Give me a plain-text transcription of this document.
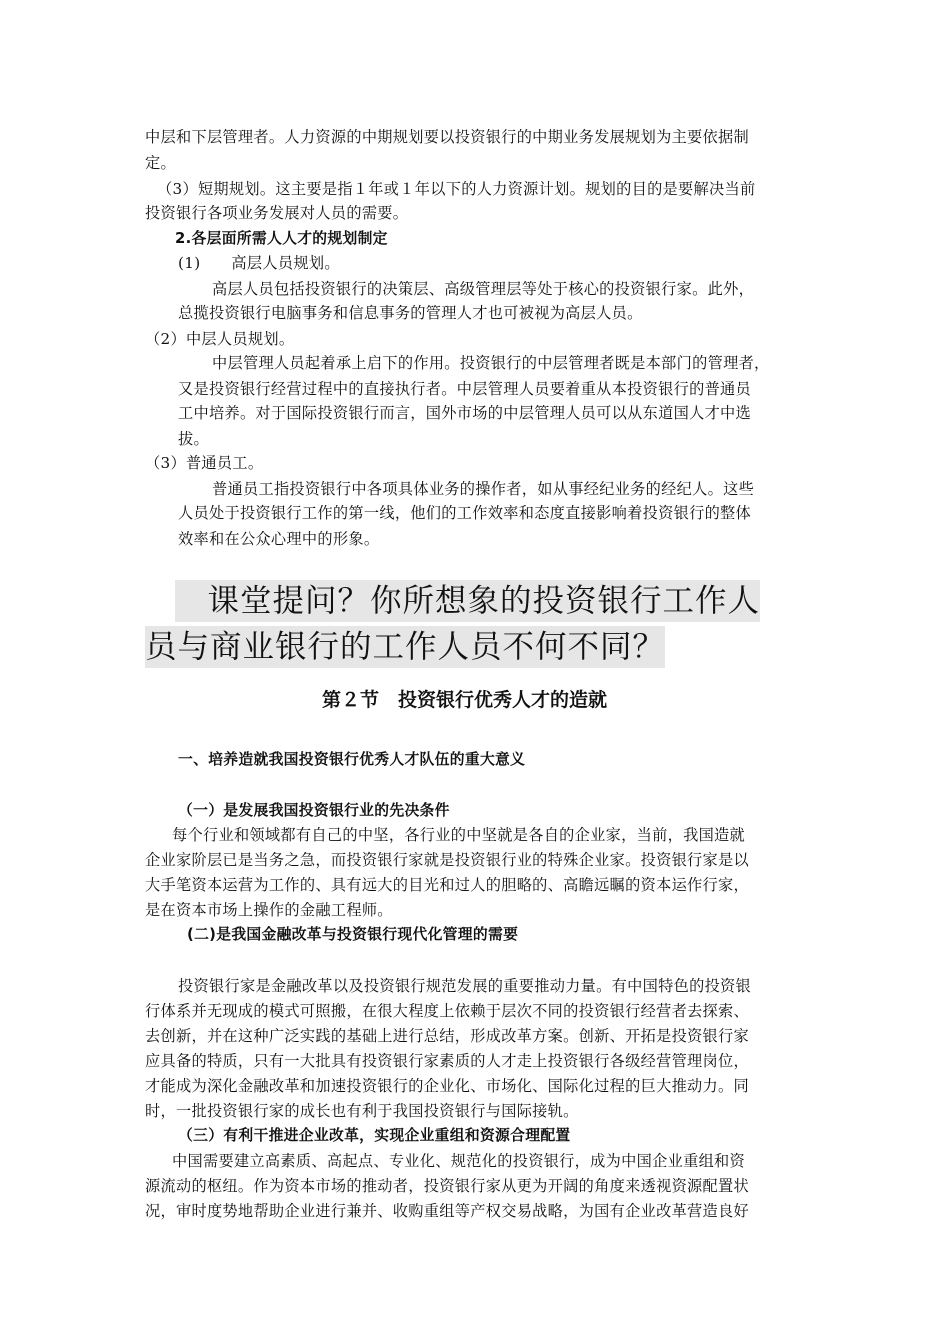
中层和下层管理者。人力资源的中期规划要以投资银行的中期业务发展规划为主要依据制
定。
（3）短期规划。这主要是指１年或１年以下的人力资源计划。规划的目的是要解决当前
投资银行各项业务发展对人员的需要。
2.各层面所需人人才的规划制定
(1)　　高层人员规划。
高层人员包括投资银行的决策层、高级管理层等处于核心的投资银行家。此外，
总揽投资银行电脑事务和信息事务的管理人才也可被视为高层人员。
（2）中层人员规划。
中层管理人员起着承上启下的作用。投资银行的中层管理者既是本部门的管理者，
又是投资银行经营过程中的直接执行者。中层管理人员要着重从本投资银行的普通员
工中培养。对于国际投资银行而言，国外市场的中层管理人员可以从东道国人才中选
拔。
（3）普通员工。
普通员工指投资银行中各项具体业务的操作者，如从事经纪业务的经纪人。这些
人员处于投资银行工作的第一线，他们的工作效率和态度直接影响着投资银行的整体
效率和在公众心理中的形象。
　课堂提问？你所想象的投资银行工作人
员与商业银行的工作人员不何不同？
第２节　投资银行优秀人才的造就
一、培养造就我国投资银行优秀人才队伍的重大意义
（一）是发展我国投资银行业的先决条件
每个行业和领域都有自己的中坚，各行业的中坚就是各自的企业家，当前，我国造就
企业家阶层已是当务之急，而投资银行家就是投资银行业的特殊企业家。投资银行家是以
大手笔资本运营为工作的、具有远大的目光和过人的胆略的、高瞻远瞩的资本运作行家，
是在资本市场上操作的金融工程师。
(二)是我国金融改革与投资银行现代化管理的需要
投资银行家是金融改革以及投资银行规范发展的重要推动力量。有中国特色的投资银
行体系并无现成的模式可照搬，在很大程度上依赖于层次不同的投资银行经营者去探索、
去创新，并在这种广泛实践的基础上进行总结，形成改革方案。创新、开拓是投资银行家
应具备的特质，只有一大批具有投资银行家素质的人才走上投资银行各级经营管理岗位，
才能成为深化金融改革和加速投资银行的企业化、市场化、国际化过程的巨大推动力。同
时，一批投资银行家的成长也有利于我国投资银行与国际接轨。
（三）有利干推进企业改革，实现企业重组和资源合理配置
中国需要建立高素质、高起点、专业化、规范化的投资银行，成为中国企业重组和资
源流动的枢纽。作为资本市场的推动者，投资银行家从更为开阔的角度来透视资源配置状
况，审时度势地帮助企业进行兼并、收购重组等产权交易战略，为国有企业改革营造良好
